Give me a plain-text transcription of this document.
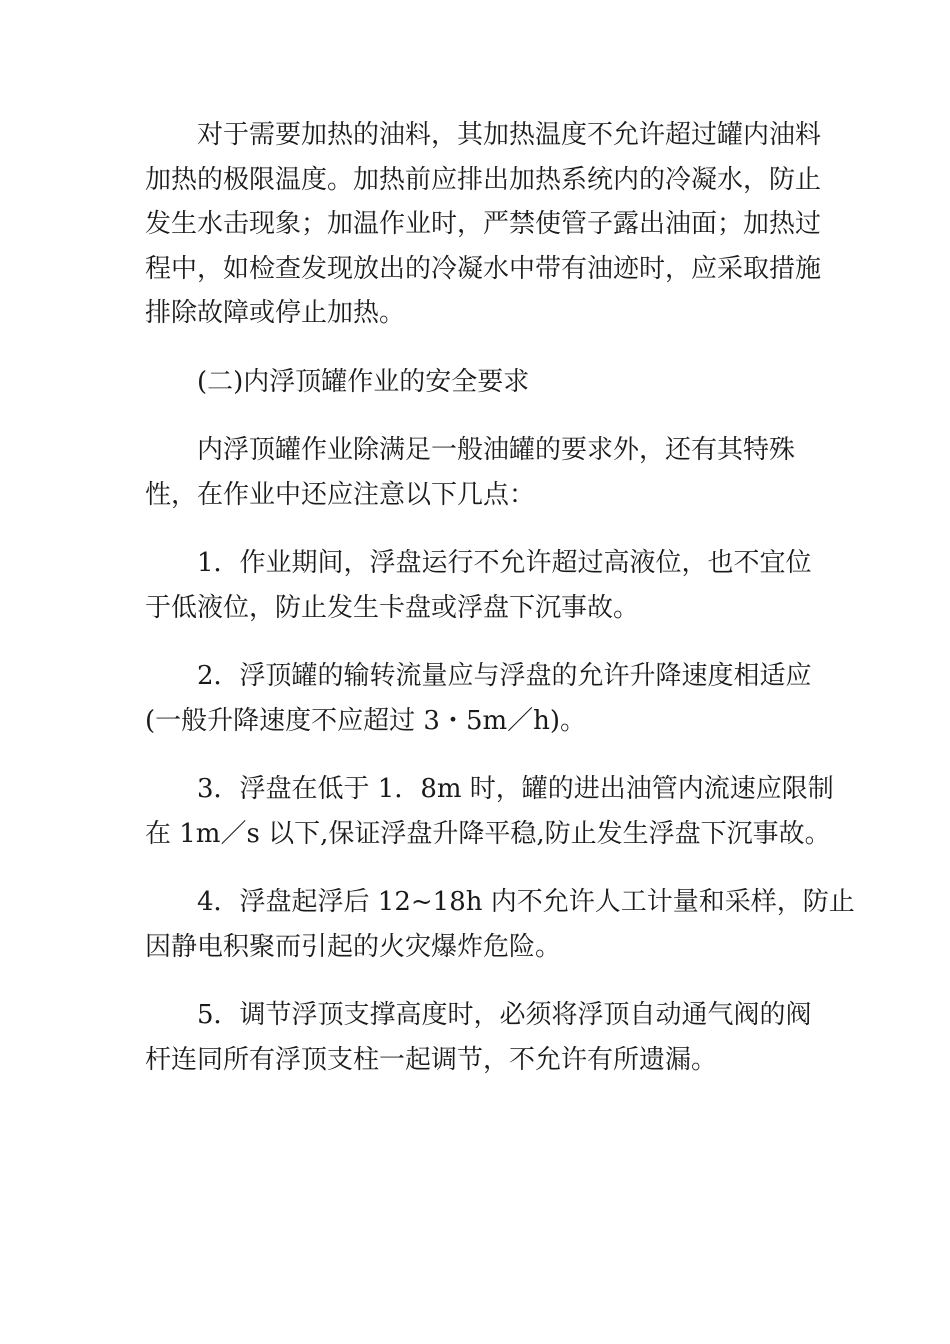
对于需要加热的油料，其加热温度不允许超过罐内油料
加热的极限温度。加热前应排出加热系统内的冷凝水，防止
发生水击现象；加温作业时，严禁使管子露出油面；加热过
程中，如检查发现放出的冷凝水中带有油迹时，应采取措施
排除故障或停止加热。

(二)内浮顶罐作业的安全要求

内浮顶罐作业除满足一般油罐的要求外，还有其特殊
性，在作业中还应注意以下几点：

1．作业期间，浮盘运行不允许超过高液位，也不宜位
于低液位，防止发生卡盘或浮盘下沉事故。

2．浮顶罐的输转流量应与浮盘的允许升降速度相适应
(一般升降速度不应超过 3・5m／h)。

3．浮盘在低于 1．8m 时，罐的进出油管内流速应限制
在 1m／s 以下,保证浮盘升降平稳,防止发生浮盘下沉事故。

4．浮盘起浮后 12~18h 内不允许人工计量和采样，防止
因静电积聚而引起的火灾爆炸危险。

5．调节浮顶支撑高度时，必须将浮顶自动通气阀的阀
杆连同所有浮顶支柱一起调节，不允许有所遗漏。
